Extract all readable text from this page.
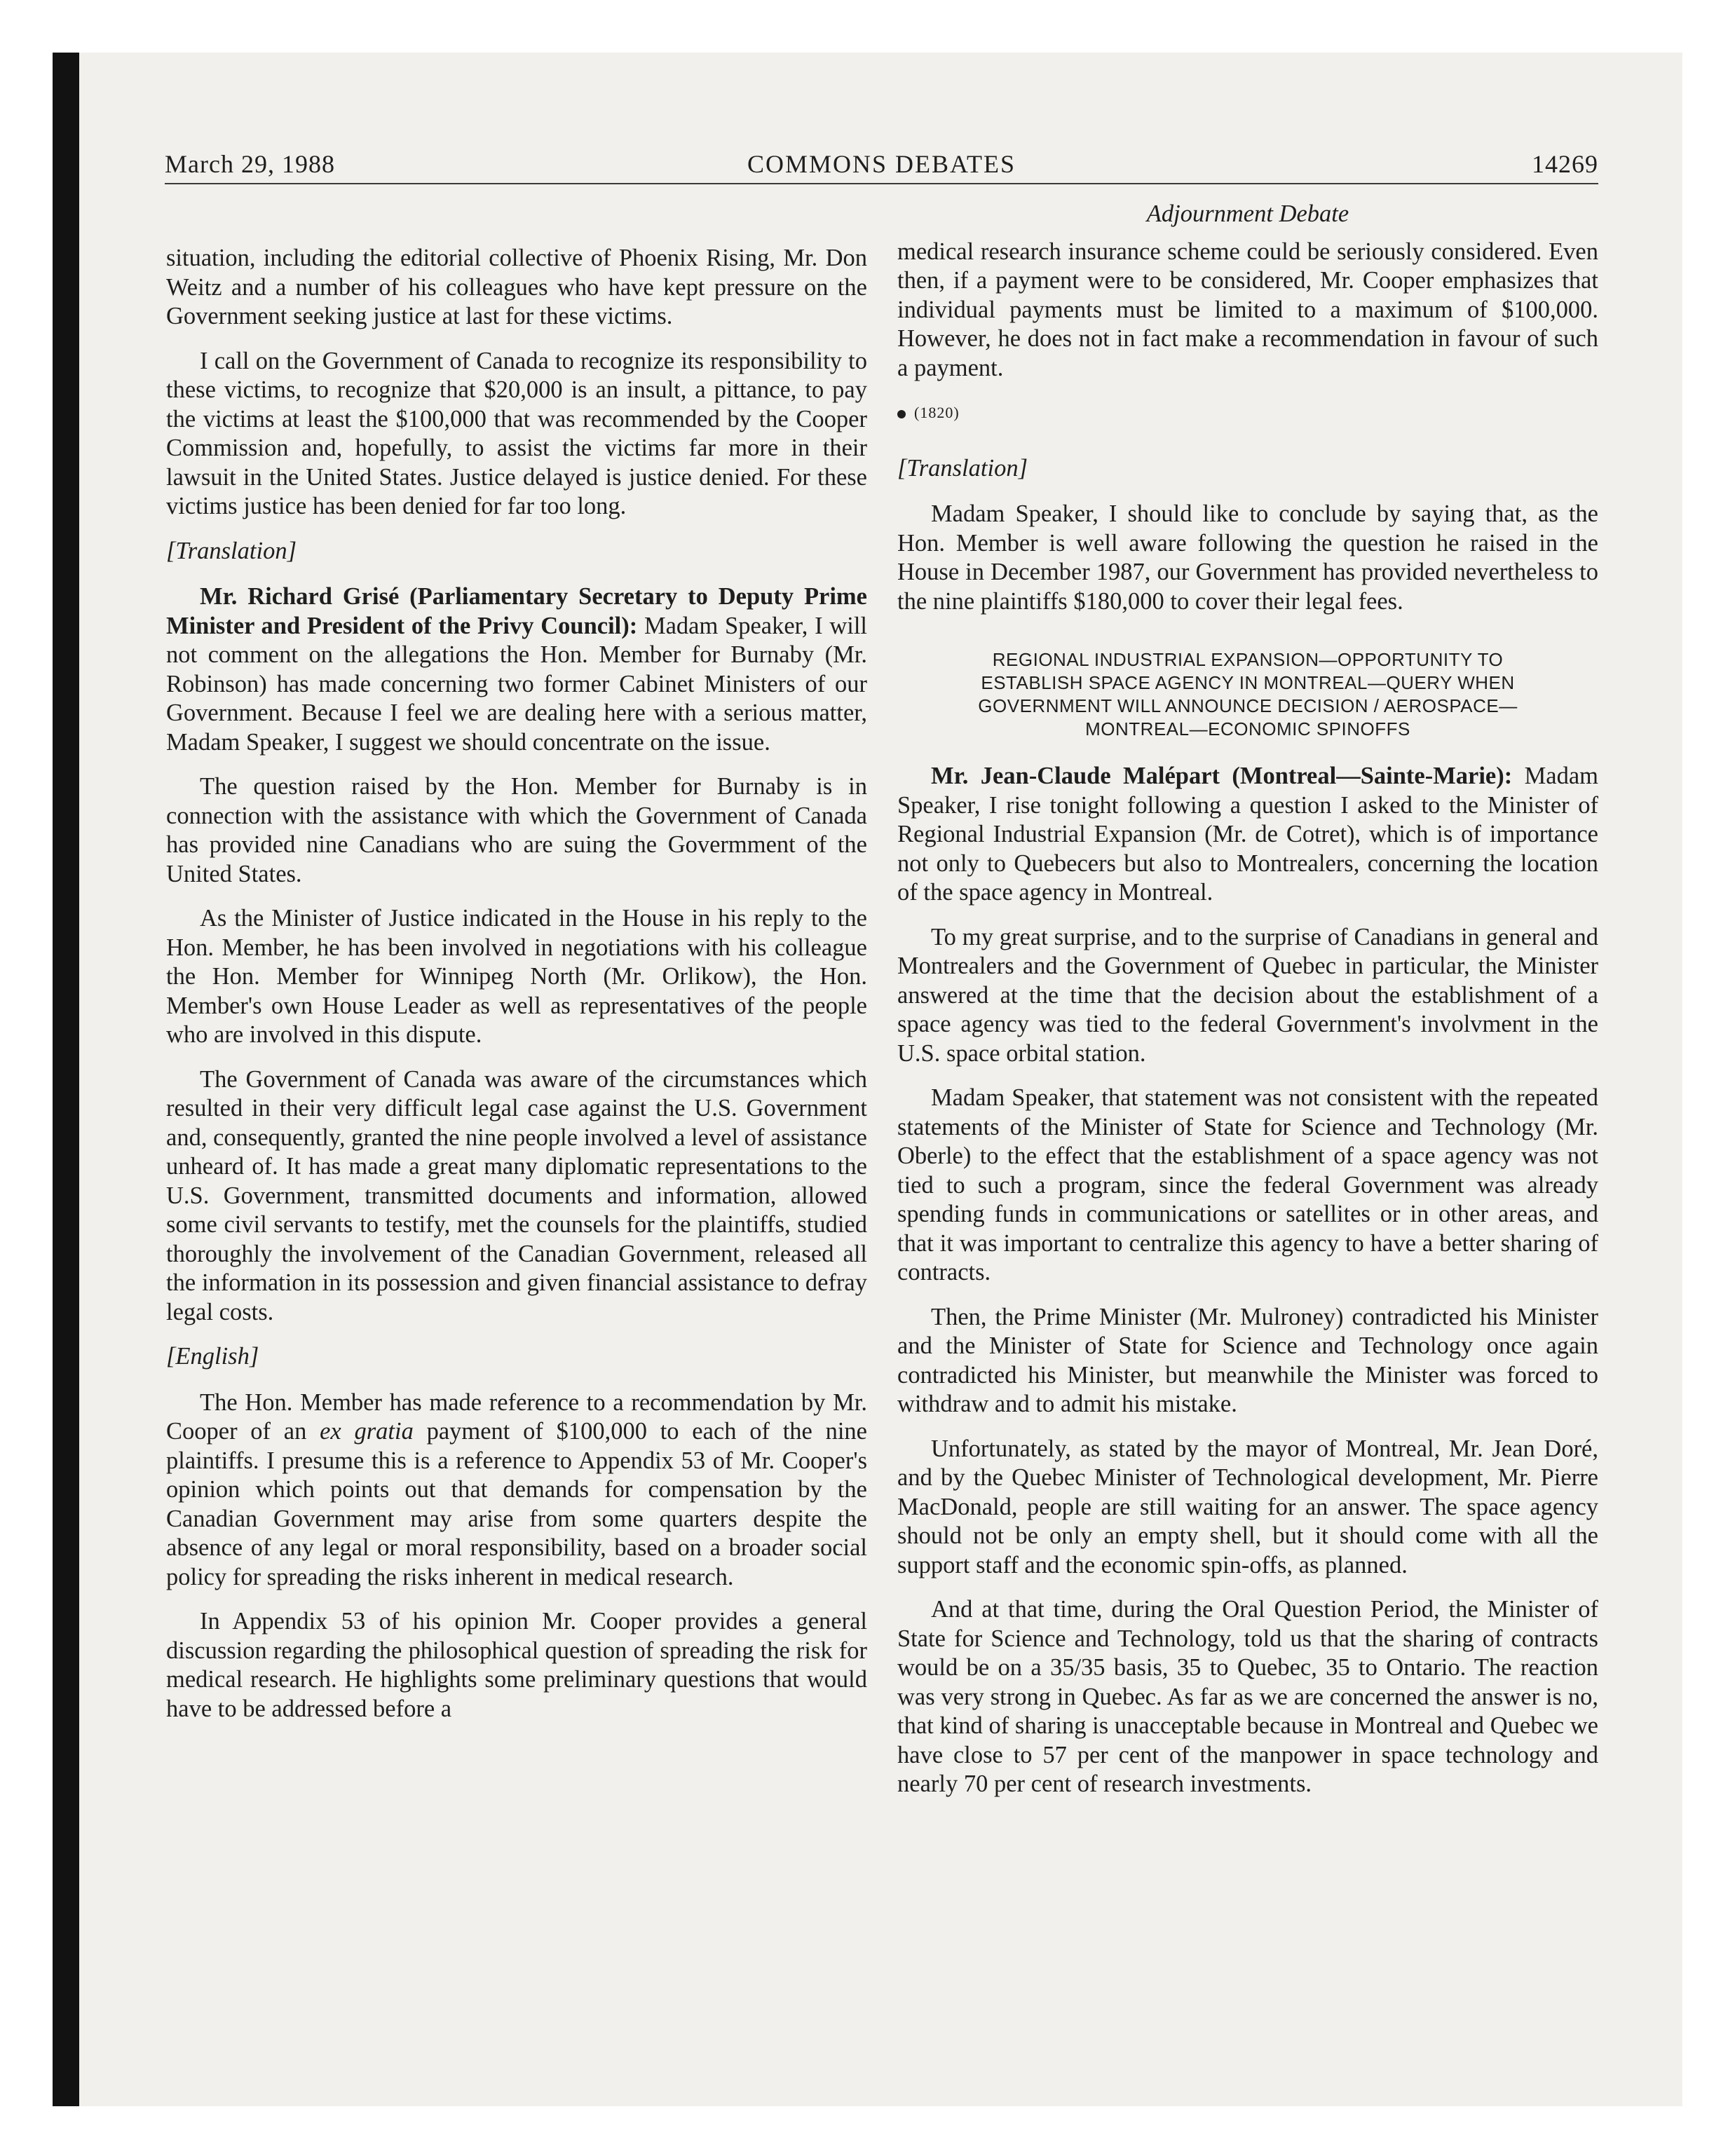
March 29, 1988	COMMONS DEBATES	14269

situation, including the editorial collective of Phoenix Rising, Mr. Don Weitz and a number of his colleagues who have kept pressure on the Government seeking justice at last for these victims.

I call on the Government of Canada to recognize its responsibility to these victims, to recognize that $20,000 is an insult, a pittance, to pay the victims at least the $100,000 that was recommended by the Cooper Commission and, hopefully, to assist the victims far more in their lawsuit in the United States. Justice delayed is justice denied. For these victims justice has been denied for far too long.

[Translation]

Mr. Richard Grisé (Parliamentary Secretary to Deputy Prime Minister and President of the Privy Council): Madam Speaker, I will not comment on the allegations the Hon. Member for Burnaby (Mr. Robinson) has made concerning two former Cabinet Ministers of our Government. Because I feel we are dealing here with a serious matter, Madam Speaker, I suggest we should concentrate on the issue.

The question raised by the Hon. Member for Burnaby is in connection with the assistance with which the Government of Canada has provided nine Canadians who are suing the Govermment of the United States.

As the Minister of Justice indicated in the House in his reply to the Hon. Member, he has been involved in negotiations with his colleague the Hon. Member for Winnipeg North (Mr. Orlikow), the Hon. Member's own House Leader as well as representatives of the people who are involved in this dispute.

The Government of Canada was aware of the circumstances which resulted in their very difficult legal case against the U.S. Government and, consequently, granted the nine people involved a level of assistance unheard of. It has made a great many diplomatic representations to the U.S. Government, transmitted documents and information, allowed some civil servants to testify, met the counsels for the plaintiffs, studied thoroughly the involvement of the Canadian Government, released all the information in its possession and given financial assistance to defray legal costs.

[English]

The Hon. Member has made reference to a recommendation by Mr. Cooper of an ex gratia payment of $100,000 to each of the nine plaintiffs. I presume this is a reference to Appendix 53 of Mr. Cooper's opinion which points out that demands for compensation by the Canadian Government may arise from some quarters despite the absence of any legal or moral responsibility, based on a broader social policy for spreading the risks inherent in medical research.

In Appendix 53 of his opinion Mr. Cooper provides a general discussion regarding the philosophical question of spreading the risk for medical research. He highlights some preliminary questions that would have to be addressed before a

Adjournment Debate

medical research insurance scheme could be seriously considered. Even then, if a payment were to be considered, Mr. Cooper emphasizes that individual payments must be limited to a maximum of $100,000. However, he does not in fact make a recommendation in favour of such a payment.

(1820)
[Translation]

Madam Speaker, I should like to conclude by saying that, as the Hon. Member is well aware following the question he raised in the House in December 1987, our Government has provided nevertheless to the nine plaintiffs $180,000 to cover their legal fees.

REGIONAL INDUSTRIAL EXPANSION—OPPORTUNITY TO
ESTABLISH SPACE AGENCY IN MONTREAL—QUERY WHEN
GOVERNMENT WILL ANNOUNCE DECISION / AEROSPACE—
MONTREAL—ECONOMIC SPINOFFS

Mr. Jean-Claude Malépart (Montreal—Sainte-Marie): Madam Speaker, I rise tonight following a question I asked to the Minister of Regional Industrial Expansion (Mr. de Cotret), which is of importance not only to Quebecers but also to Montrealers, concerning the location of the space agency in Montreal.

To my great surprise, and to the surprise of Canadians in general and Montrealers and the Government of Quebec in particular, the Minister answered at the time that the decision about the establishment of a space agency was tied to the federal Government's involvment in the U.S. space orbital station.

Madam Speaker, that statement was not consistent with the repeated statements of the Minister of State for Science and Technology (Mr. Oberle) to the effect that the establishment of a space agency was not tied to such a program, since the federal Government was already spending funds in communications or satellites or in other areas, and that it was important to centralize this agency to have a better sharing of contracts.

Then, the Prime Minister (Mr. Mulroney) contradicted his Minister and the Minister of State for Science and Technology once again contradicted his Minister, but meanwhile the Minister was forced to withdraw and to admit his mistake.

Unfortunately, as stated by the mayor of Montreal, Mr. Jean Doré, and by the Quebec Minister of Technological development, Mr. Pierre MacDonald, people are still waiting for an answer. The space agency should not be only an empty shell, but it should come with all the support staff and the economic spin-offs, as planned.

And at that time, during the Oral Question Period, the Minister of State for Science and Technology, told us that the sharing of contracts would be on a 35/35 basis, 35 to Quebec, 35 to Ontario. The reaction was very strong in Quebec. As far as we are concerned the answer is no, that kind of sharing is unacceptable because in Montreal and Quebec we have close to 57 per cent of the manpower in space technology and nearly 70 per cent of research investments.
